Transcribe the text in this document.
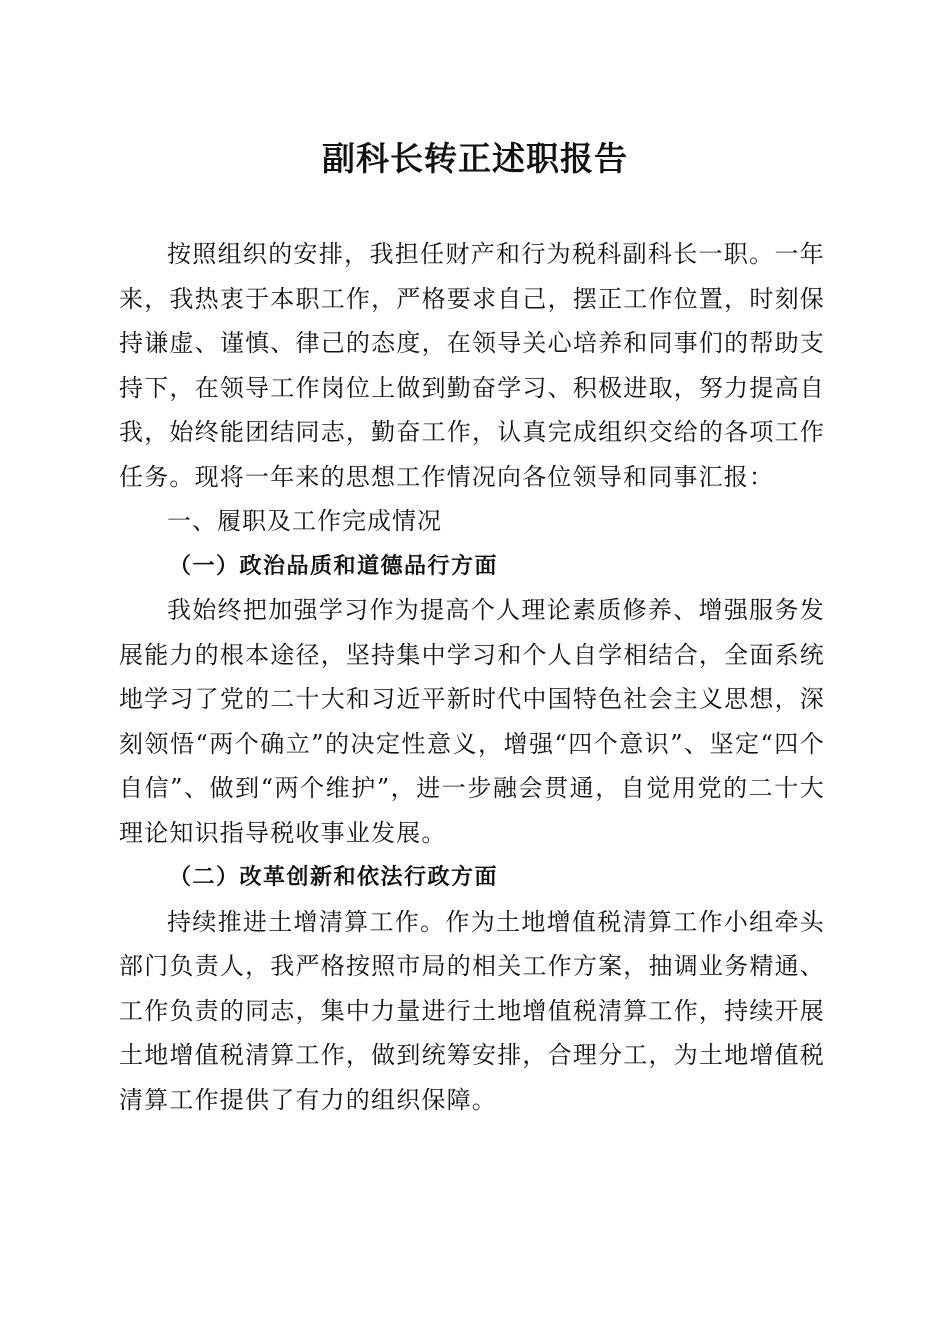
副科长转正述职报告

按照组织的安排，我担任财产和行为税科副科长一职。一年来，我热衷于本职工作，严格要求自己，摆正工作位置，时刻保持谦虚、谨慎、律己的态度，在领导关心培养和同事们的帮助支持下，在领导工作岗位上做到勤奋学习、积极进取，努力提高自我，始终能团结同志，勤奋工作，认真完成组织交给的各项工作任务。现将一年来的思想工作情况向各位领导和同事汇报：

一、履职及工作完成情况

（一）政治品质和道德品行方面

我始终把加强学习作为提高个人理论素质修养、增强服务发展能力的根本途径，坚持集中学习和个人自学相结合，全面系统地学习了党的二十大和习近平新时代中国特色社会主义思想，深刻领悟“两个确立”的决定性意义，增强“四个意识”、坚定“四个自信”、做到“两个维护”，进一步融会贯通，自觉用党的二十大理论知识指导税收事业发展。

（二）改革创新和依法行政方面

持续推进土增清算工作。作为土地增值税清算工作小组牵头部门负责人，我严格按照市局的相关工作方案，抽调业务精通、工作负责的同志，集中力量进行土地增值税清算工作，持续开展土地增值税清算工作，做到统筹安排，合理分工，为土地增值税清算工作提供了有力的组织保障。
